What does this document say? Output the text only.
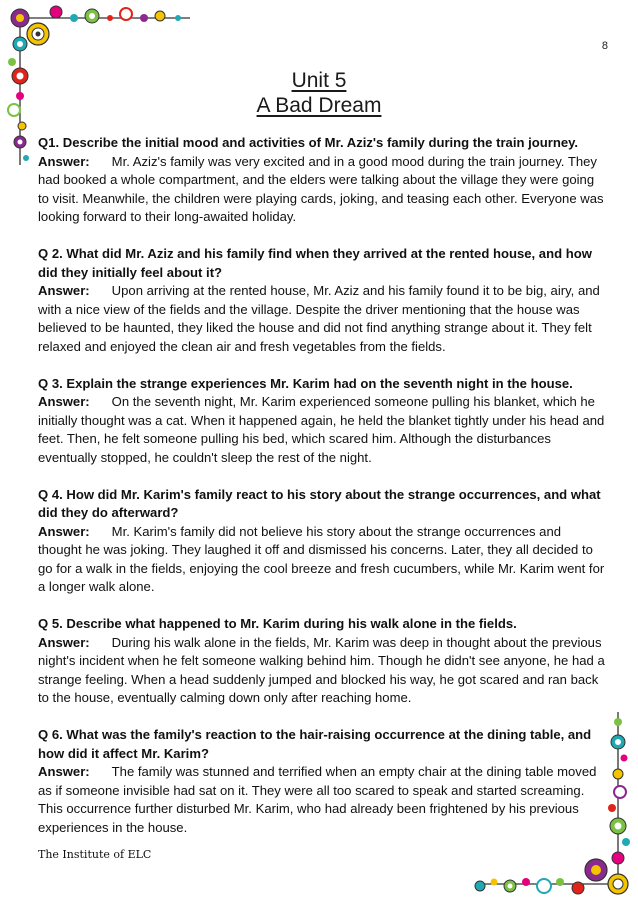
8
Unit 5
A Bad Dream
Q1. Describe the initial mood and activities of Mr. Aziz's family during the train journey.
Answer: Mr. Aziz's family was very excited and in a good mood during the train journey. They had booked a whole compartment, and the elders were talking about the village they were going to visit. Meanwhile, the children were playing cards, joking, and teasing each other. Everyone was looking forward to their long-awaited holiday.
Q 2. What did Mr. Aziz and his family find when they arrived at the rented house, and how did they initially feel about it?
Answer: Upon arriving at the rented house, Mr. Aziz and his family found it to be big, airy, and with a nice view of the fields and the village. Despite the driver mentioning that the house was believed to be haunted, they liked the house and did not find anything strange about it. They felt relaxed and enjoyed the clean air and fresh vegetables from the fields.
Q 3. Explain the strange experiences Mr. Karim had on the seventh night in the house.
Answer: On the seventh night, Mr. Karim experienced someone pulling his blanket, which he initially thought was a cat. When it happened again, he held the blanket tightly under his head and feet. Then, he felt someone pulling his bed, which scared him. Although the disturbances eventually stopped, he couldn't sleep the rest of the night.
Q 4. How did Mr. Karim's family react to his story about the strange occurrences, and what did they do afterward?
Answer: Mr. Karim's family did not believe his story about the strange occurrences and thought he was joking. They laughed it off and dismissed his concerns. Later, they all decided to go for a walk in the fields, enjoying the cool breeze and fresh cucumbers, while Mr. Karim went for a longer walk alone.
Q 5. Describe what happened to Mr. Karim during his walk alone in the fields.
Answer: During his walk alone in the fields, Mr. Karim was deep in thought about the previous night's incident when he felt someone walking behind him. Though he didn't see anyone, he had a strange feeling. When a head suddenly jumped and blocked his way, he got scared and ran back to the house, eventually calming down only after reaching home.
Q 6. What was the family's reaction to the hair-raising occurrence at the dining table, and how did it affect Mr. Karim?
Answer: The family was stunned and terrified when an empty chair at the dining table moved as if someone invisible had sat on it. They were all too scared to speak and started screaming. This occurrence further disturbed Mr. Karim, who had already been frightened by his previous experiences in the house.
The Institute of ELC
